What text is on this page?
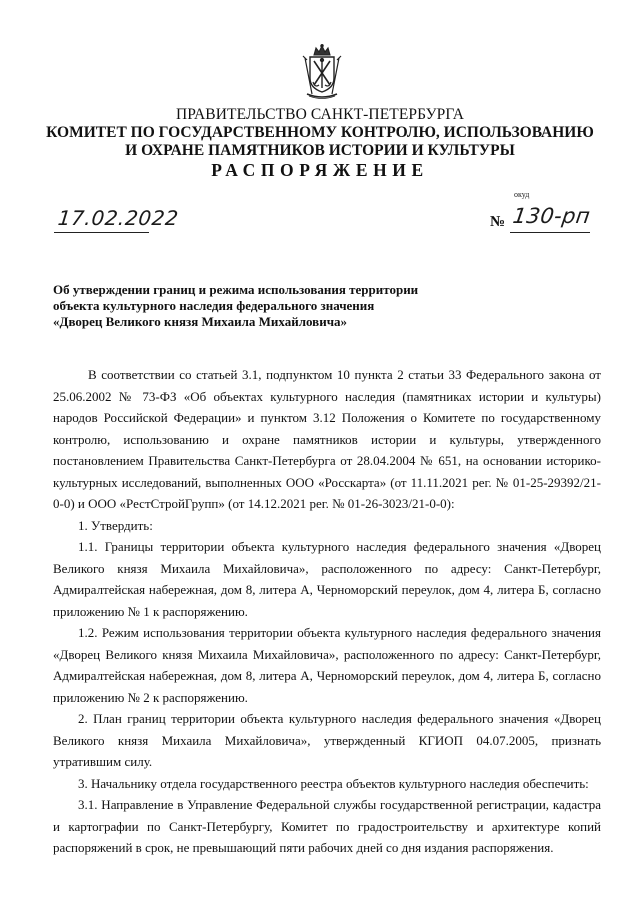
ПРАВИТЕЛЬСТВО САНКТ-ПЕТЕРБУРГА
КОМИТЕТ ПО ГОСУДАРСТВЕННОМУ КОНТРОЛЮ, ИСПОЛЬЗОВАНИЮ
И ОХРАНЕ ПАМЯТНИКОВ ИСТОРИИ И КУЛЬТУРЫ
РАСПОРЯЖЕНИЕ
окуд
17.02.2022	№ 130-рп
Об утверждении границ и режима использования территории
объекта культурного наследия федерального значения
«Дворец Великого князя Михаила Михайловича»

В соответствии со статьей 3.1, подпунктом 10 пункта 2 статьи 33 Федерального закона от 25.06.2002 № 73-ФЗ «Об объектах культурного наследия (памятниках истории и культуры) народов Российской Федерации» и пунктом 3.12 Положения о Комитете по государственному контролю, использованию и охране памятников истории и культуры, утвержденного постановлением Правительства Санкт-Петербурга от 28.04.2004 № 651, на основании историко-культурных исследований, выполненных ООО «Росскарта» (от 11.11.2021 рег. № 01-25-29392/21-0-0) и ООО «РестСтройГрупп» (от 14.12.2021 рег. № 01-26-3023/21-0-0):

1. Утвердить:

1.1. Границы территории объекта культурного наследия федерального значения «Дворец Великого князя Михаила Михайловича», расположенного по адресу: Санкт-Петербург, Адмиралтейская набережная, дом 8, литера А, Черноморский переулок, дом 4, литера Б, согласно приложению № 1 к распоряжению.

1.2. Режим использования территории объекта культурного наследия федерального значения «Дворец Великого князя Михаила Михайловича», расположенного по адресу: Санкт-Петербург, Адмиралтейская набережная, дом 8, литера А, Черноморский переулок, дом 4, литера Б, согласно приложению № 2 к распоряжению.

2. План границ территории объекта культурного наследия федерального значения «Дворец Великого князя Михаила Михайловича», утвержденный КГИОП 04.07.2005, признать утратившим силу.

3. Начальнику отдела государственного реестра объектов культурного наследия обеспечить:

3.1. Направление в Управление Федеральной службы государственной регистрации, кадастра и картографии по Санкт-Петербургу, Комитет по градостроительству и архитектуре копий распоряжений в срок, не превышающий пяти рабочих дней со дня издания распоряжения.
